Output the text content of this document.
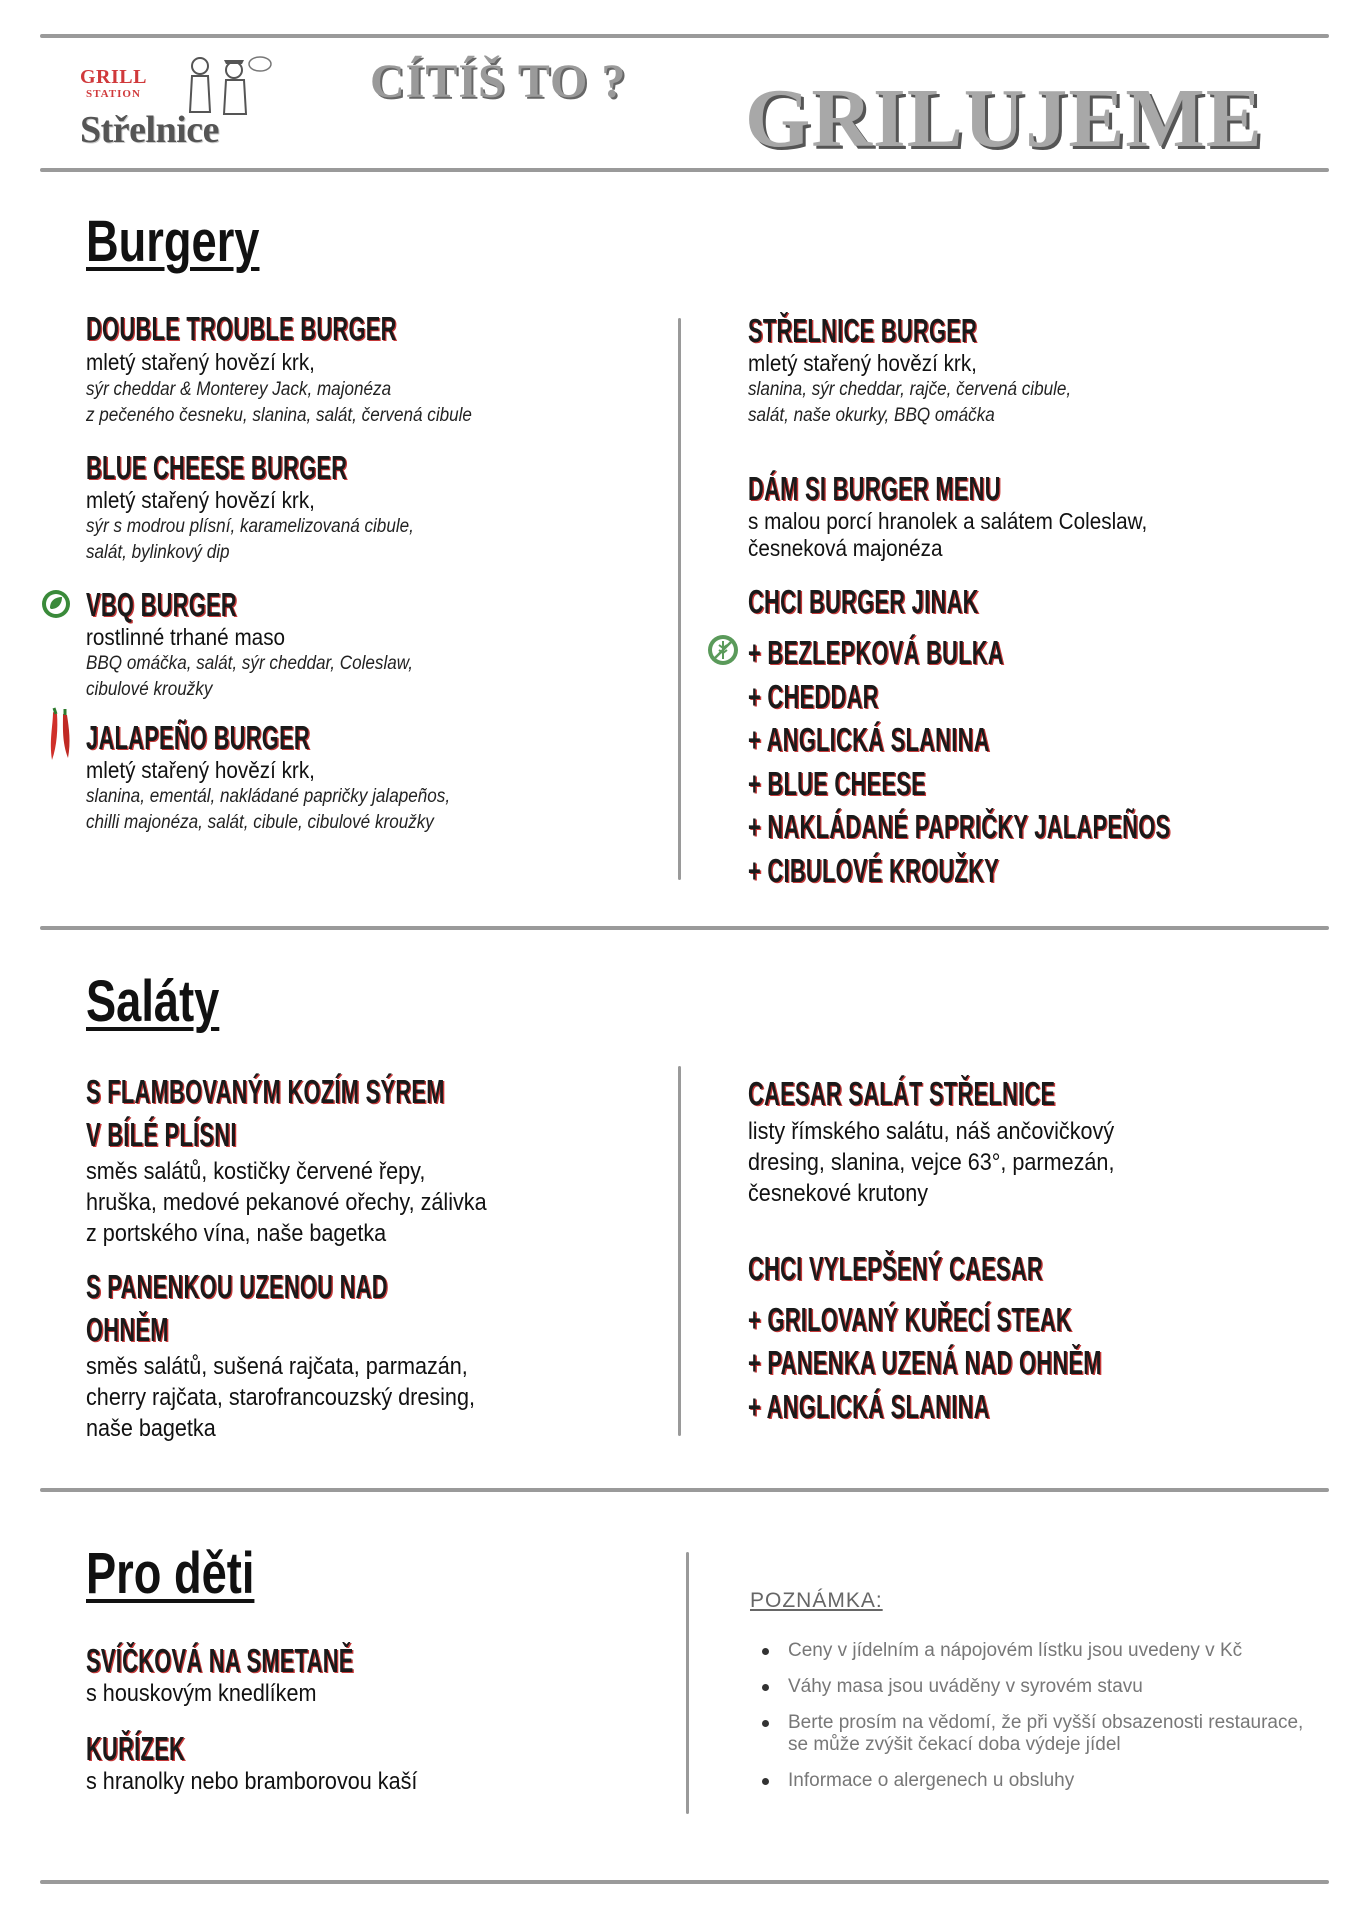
GRILL
STATION
Střelnice
CÍTÍŠ TO ? GRILUJEME
Burgery
DOUBLE TROUBLE BURGER
mletý stařený hovězí krk,
sýr cheddar & Monterey Jack, majonéza
z pečeného česneku, slanina, salát, červená cibule
BLUE CHEESE BURGER
mletý stařený hovězí krk,
sýr s modrou plísní, karamelizovaná cibule,
salát, bylinkový dip
VBQ BURGER
rostlinné trhané maso
BBQ omáčka, salát, sýr cheddar, Coleslaw,
cibulové kroužky
JALAPEÑO BURGER
mletý stařený hovězí krk,
slanina, ementál, nakládané papričky jalapeños,
chilli majonéza, salát, cibule, cibulové kroužky
STŘELNICE BURGER
mletý stařený hovězí krk,
slanina, sýr cheddar, rajče, červená cibule,
salát, naše okurky, BBQ omáčka
DÁM SI BURGER MENU
s malou porcí hranolek a salátem Coleslaw,
česneková majonéza
CHCI BURGER JINAK
+ BEZLEPKOVÁ BULKA
+ CHEDDAR
+ ANGLICKÁ SLANINA
+ BLUE CHEESE
+ NAKLÁDANÉ PAPRIČKY JALAPEÑOS
+ CIBULOVÉ KROUŽKY
Saláty
S FLAMBOVANÝM KOZÍM SÝREM
V BÍLÉ PLÍSNI
směs salátů, kostičky červené řepy,
hruška, medové pekanové ořechy, zálivka
z portského vína, naše bagetka
S PANENKOU UZENOU NAD
OHNĚM
směs salátů, sušená rajčata, parmazán,
cherry rajčata, starofrancouzský dresing,
naše bagetka
CAESAR SALÁT STŘELNICE
listy římského salátu, náš ančovičkový
dresing, slanina, vejce 63°, parmezán,
česnekové krutony
CHCI VYLEPŠENÝ CAESAR
+ GRILOVANÝ KUŘECÍ STEAK
+ PANENKA UZENÁ NAD OHNĚM
+ ANGLICKÁ SLANINA
Pro děti
SVÍČKOVÁ NA SMETANĚ
s houskovým knedlíkem
KUŘÍZEK
s hranolky nebo bramborovou kaší
POZNÁMKA:
Ceny v jídelním a nápojovém lístku jsou uvedeny v Kč
Váhy masa jsou uváděny v syrovém stavu
Berte prosím na vědomí, že při vyšší obsazenosti restaurace,
se může zvýšit čekací doba výdeje jídel
Informace o alergenech u obsluhy
